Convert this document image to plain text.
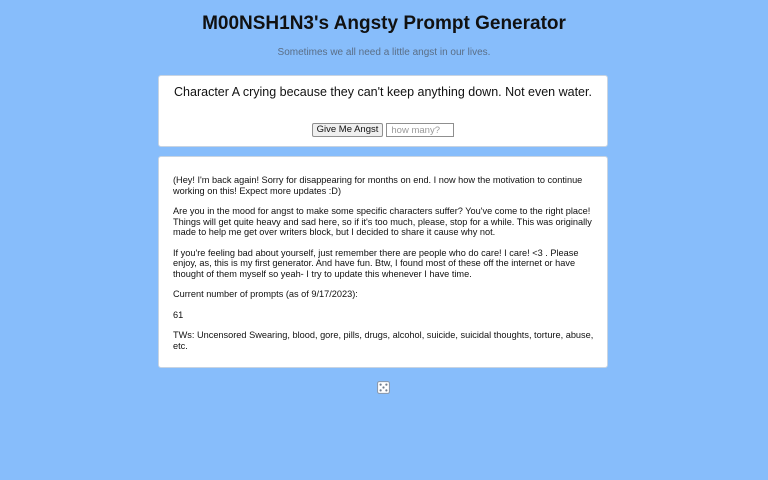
M00NSH1N3's Angsty Prompt Generator
Sometimes we all need a little angst in our lives.
Character A crying because they can't keep anything down. Not even water.
Give Me Angst
how many?

(Hey! I'm back again! Sorry for disappearing for months on end. I now how the motivation to continue working on this! Expect more updates :D)

Are you in the mood for angst to make some specific characters suffer? You've come to the right place! Things will get quite heavy and sad here, so if it's too much, please, stop for a while. This was originally made to help me get over writers block, but I decided to share it cause why not.

If you're feeling bad about yourself, just remember there are people who do care! I care! <3 . Please enjoy, as, this is my first generator. And have fun. Btw, I found most of these off the internet or have thought of them myself so yeah- I try to update this whenever I have time.

Current number of prompts (as of 9/17/2023):

61

TWs: Uncensored Swearing, blood, gore, pills, drugs, alcohol, suicide, suicidal thoughts, torture, abuse, etc.
